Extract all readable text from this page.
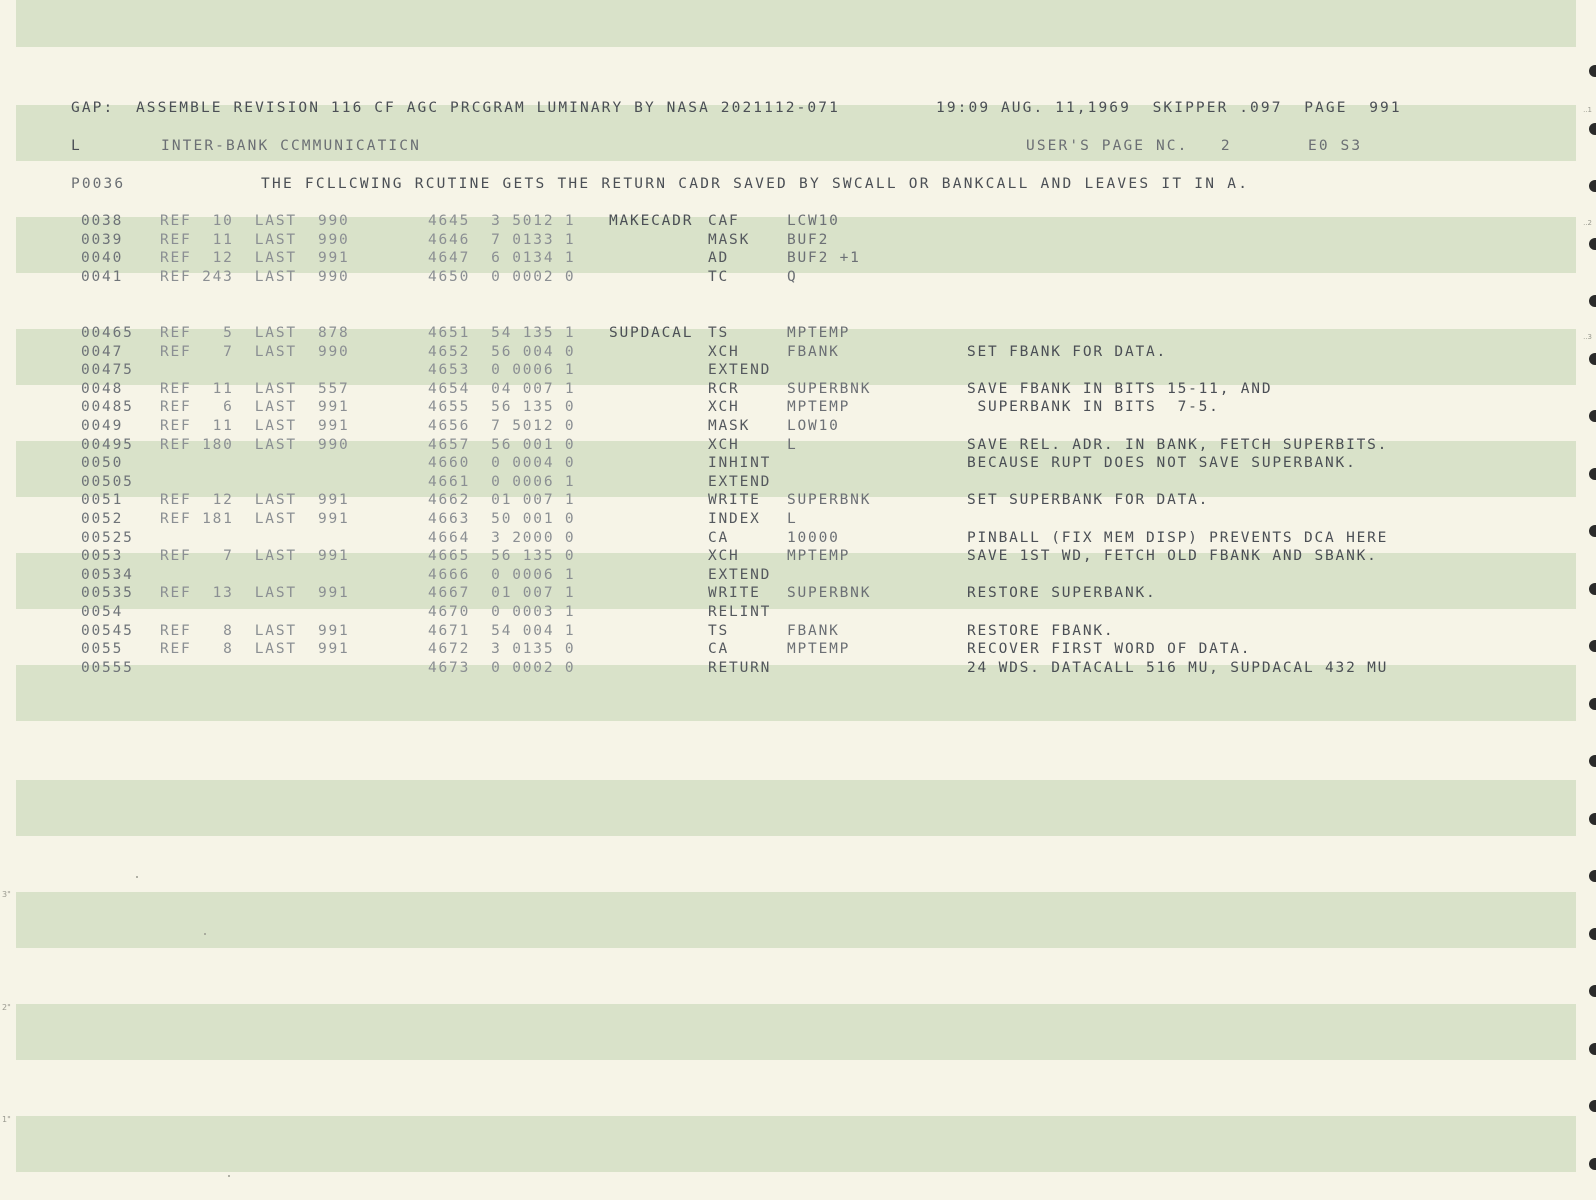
3"
2"
1"
..1
..2
..3
GAP:  ASSEMBLE REVISION 116 CF AGC PRCGRAM LUMINARY BY NASA 2021112-071	19:09 AUG. 11,1969  SKIPPER .097  PAGE  991
L	INTER-BANK CCMMUNICATICN	USER'S PAGE NC.   2	E0 S3
P0036	THE FCLLCWING RCUTINE GETS THE RETURN CADR SAVED BY SWCALL OR BANKCALL AND LEAVES IT IN A.
0038	REF  10  LAST  990	4645  3 5012 1 MAKECADR CAF	LCW10
0039	REF  11  LAST  990	4646  7 0133 1	MASK	BUF2
0040	REF  12  LAST  991	4647  6 0134 1	AD	BUF2 +1
0041	REF 243  LAST  990	4650  0 0002 0	TC	Q
00465 REF   5  LAST  878	4651  54 135 1 SUPDACAL TS	MPTEMP
0047	REF   7  LAST  990	4652  56 004 0	XCH	FBANK	SET FBANK FOR DATA.
00475	4653  0 0006 1	EXTEND
0048	REF  11  LAST  557	4654  04 007 1	RCR	SUPERBNK	SAVE FBANK IN BITS 15-11, AND
00485 REF   6  LAST  991	4655  56 135 0	XCH	MPTEMP	SUPERBANK IN BITS  7-5.
0049	REF  11  LAST  991	4656  7 5012 0	MASK	LOW10
00495 REF 180  LAST  990	4657  56 001 0	XCH	L	SAVE REL. ADR. IN BANK, FETCH SUPERBITS.
0050	4660  0 0004 0	INHINT	BECAUSE RUPT DOES NOT SAVE SUPERBANK.
00505	4661  0 0006 1	EXTEND
0051	REF  12  LAST  991	4662  01 007 1	WRITE SUPERBNK	SET SUPERBANK FOR DATA.
0052	REF 181  LAST  991	4663  50 001 0	INDEX L
00525	4664  3 2000 0	CA	10000	PINBALL (FIX MEM DISP) PREVENTS DCA HERE
0053	REF   7  LAST  991	4665  56 135 0	XCH	MPTEMP	SAVE 1ST WD, FETCH OLD FBANK AND SBANK.
00534	4666  0 0006 1	EXTEND
00535 REF  13  LAST  991	4667  01 007 1	WRITE SUPERBNK	RESTORE SUPERBANK.
0054	4670  0 0003 1	RELINT
00545 REF   8  LAST  991	4671  54 004 1	TS	FBANK	RESTORE FBANK.
0055	REF   8  LAST  991	4672  3 0135 0	CA	MPTEMP	RECOVER FIRST WORD OF DATA.
00555	4673  0 0002 0	RETURN	24 WDS. DATACALL 516 MU, SUPDACAL 432 MU
